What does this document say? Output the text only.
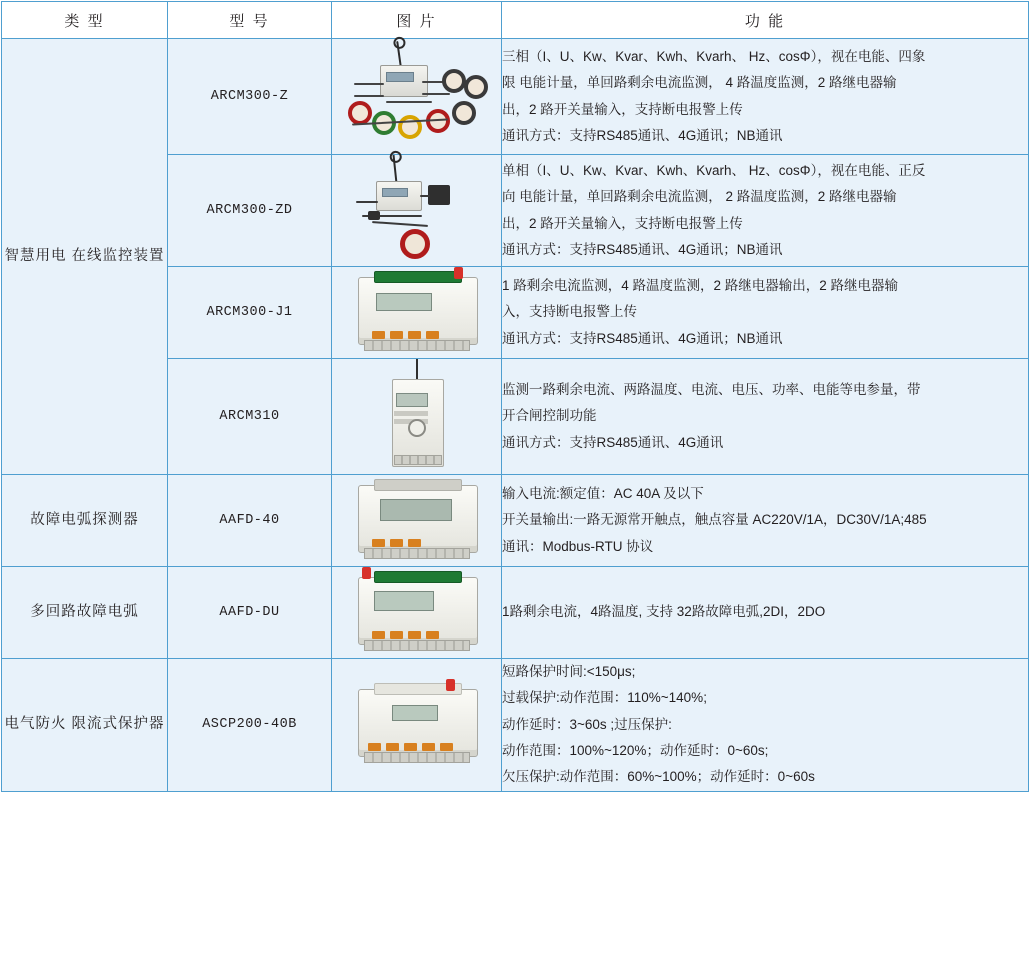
类 型	型 号	图 片	功 能
智慧用电 在线监控装置	ARCM300-Z		三相（I、U、Kw、Kvar、Kwh、Kvarh、 Hz、cosΦ），视在电能、四象
限 电能计量，单回路剩余电流监测， 4 路温度监测，2 路继电器输
出，2 路开关量输入，支持断电报警上传
通讯方式：支持RS485通讯、4G通讯；NB通讯

	ARCM300-ZD		单相（I、U、Kw、Kvar、Kwh、Kvarh、 Hz、cosΦ），视在电能、正反
向 电能计量，单回路剩余电流监测， 2 路温度监测，2 路继电器输
出，2 路开关量输入，支持断电报警上传
通讯方式：支持RS485通讯、4G通讯；NB通讯

	ARCM300-J1		1 路剩余电流监测，4 路温度监测，2 路继电器输出，2 路继电器输
入，支持断电报警上传
通讯方式：支持RS485通讯、4G通讯；NB通讯

	ARCM310		监测一路剩余电流、两路温度、电流、电压、功率、电能等电参量，带
开合闸控制功能
通讯方式：支持RS485通讯、4G通讯

故障电弧探测器	AAFD-40		输入电流:额定值：AC 40A 及以下
开关量输出:一路无源常开触点，触点容量 AC220V/1A，DC30V/1A;485
通讯：Modbus-RTU 协议

多回路故障电弧	AAFD-DU		1路剩余电流，4路温度, 支持 32路故障电弧,2DI，2DO

电气防火 限流式保护器	ASCP200-40B		短路保护时间:<150μs;
过载保护:动作范围：110%~140%;
动作延时：3~60s ;过压保护:
动作范围：100%~120%；动作延时：0~60s;
欠压保护:动作范围：60%~100%；动作延时：0~60s
